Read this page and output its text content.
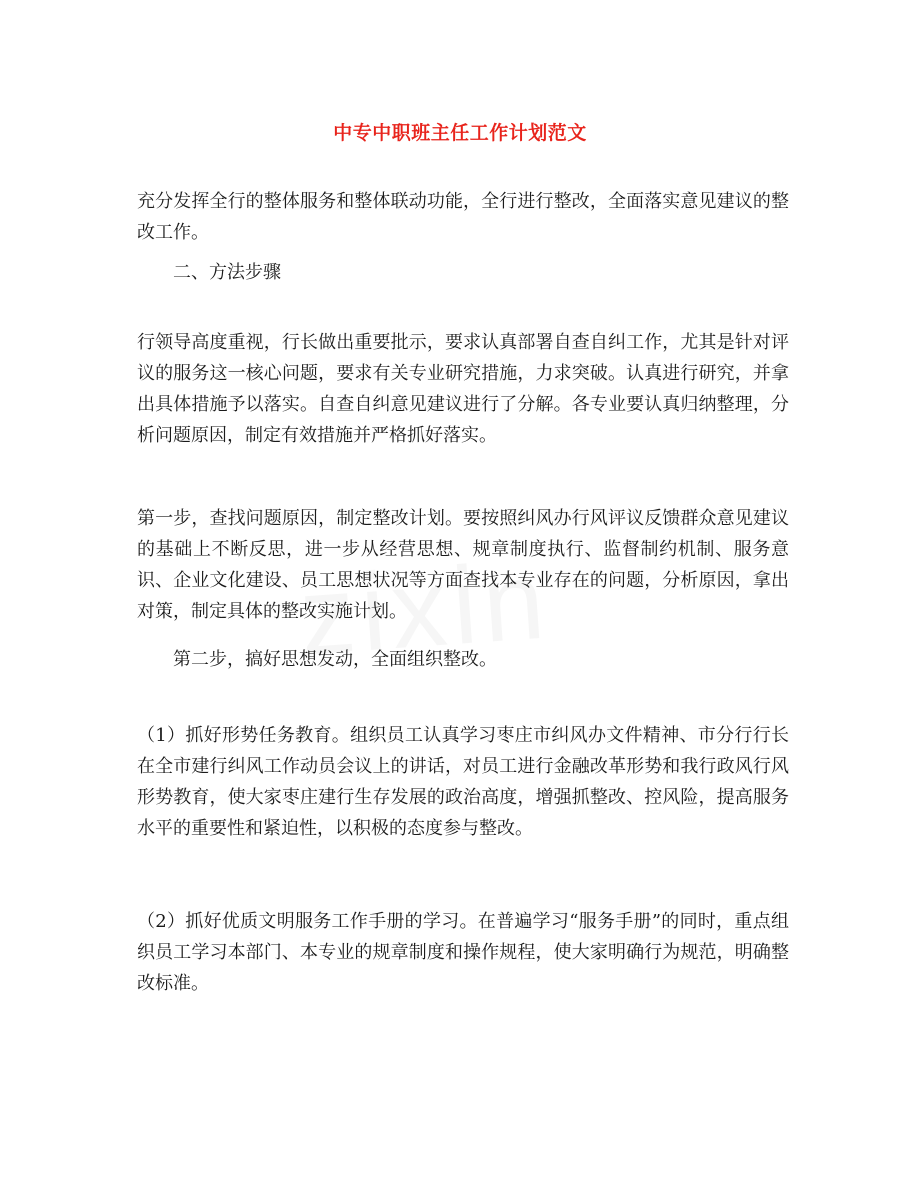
中专中职班主任工作计划范文

充分发挥全行的整体服务和整体联动功能，全行进行整改，全面落实意见建议的整改工作。

二、方法步骤

行领导高度重视，行长做出重要批示，要求认真部署自查自纠工作，尤其是针对评议的服务这一核心问题，要求有关专业研究措施，力求突破。认真进行研究，并拿出具体措施予以落实。自查自纠意见建议进行了分解。各专业要认真归纳整理，分析问题原因，制定有效措施并严格抓好落实。

第一步，查找问题原因，制定整改计划。要按照纠风办行风评议反馈群众意见建议的基础上不断反思，进一步从经营思想、规章制度执行、监督制约机制、服务意识、企业文化建设、员工思想状况等方面查找本专业存在的问题，分析原因，拿出对策，制定具体的整改实施计划。

第二步，搞好思想发动，全面组织整改。

（1）抓好形势任务教育。组织员工认真学习枣庄市纠风办文件精神、市分行行长在全市建行纠风工作动员会议上的讲话，对员工进行金融改革形势和我行政风行风形势教育，使大家枣庄建行生存发展的政治高度，增强抓整改、控风险，提高服务水平的重要性和紧迫性，以积极的态度参与整改。

（2）抓好优质文明服务工作手册的学习。在普遍学习“服务手册”的同时，重点组织员工学习本部门、本专业的规章制度和操作规程，使大家明确行为规范，明确整改标准。
